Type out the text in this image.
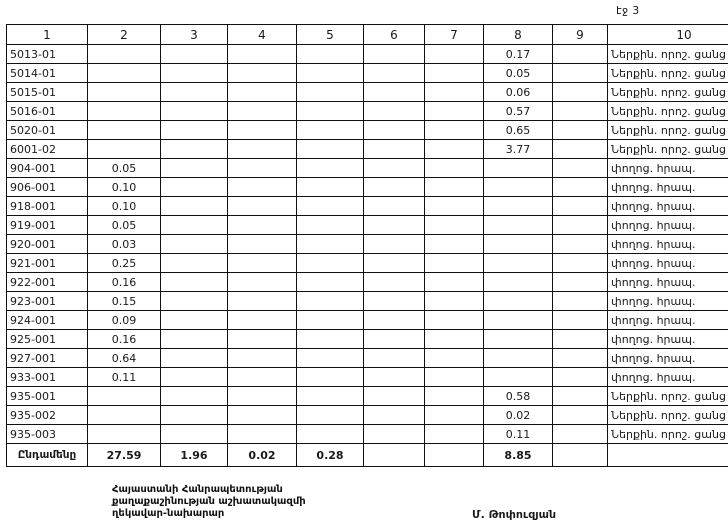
էջ 3
1	2	3	4	5	6	7	8	9	10	
5013-01							0.17		Ներքին. որոշ. ցանց	
5014-01							0.05		Ներքին. որոշ. ցանց	
5015-01							0.06		Ներքին. որոշ. ցանց	
5016-01							0.57		Ներքին. որոշ. ցանց	
5020-01							0.65		Ներքին. որոշ. ցանց	
6001-02							3.77		Ներքին. որոշ. ցանց	
904-001	0.05								փողոց. հրապ.	
906-001	0.10								փողոց. հրապ.	
918-001	0.10								փողոց. հրապ.	
919-001	0.05								փողոց. հրապ.	
920-001	0.03								փողոց. հրապ.	
921-001	0.25								փողոց. հրապ.	
922-001	0.16								փողոց. հրապ.	
923-001	0.15								փողոց. հրապ.	
924-001	0.09								փողոց. հրապ.	
925-001	0.16								փողոց. հրապ.	
927-001	0.64								փողոց. հրապ.	
933-001	0.11								փողոց. հրապ.	
935-001							0.58		Ներքին. որոշ. ցանց	
935-002							0.02		Ներքին. որոշ. ցանց	
935-003							0.11		Ներքին. որոշ. ցանց	
Ընդամենը	27.59	1.96	0.02	0.28			8.85			
Հայաստանի Հանրապետության
քաղաքաշինության աշխատակազմի
ղեկավար-նախարար	Մ. Թոփուզյան
